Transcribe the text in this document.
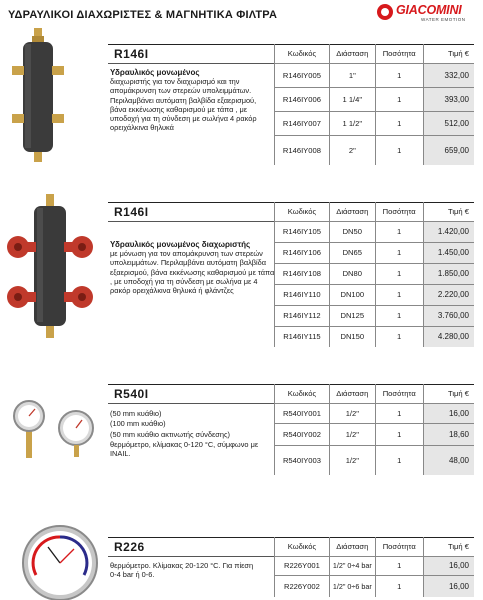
ΥΔΡΑΥΛΙΚΟΙ ΔΙΑΧΩΡΙΣΤΕΣ & ΜΑΓΝΗΤΙΚΑ ΦΙΛΤΡΑ	GIACOMINI
WATER EMOTION
R146I

Υδραυλικός μονωμένος

διαχωριστής για τον διαχωρισμό και την απομάκρυνση των στερεών υπολειμμάτων. Περιλαμβάνει αυτόματη βαλβίδα εξαερισμού, βάνα εκκένωσης καθαρισμού με τάπα , με υποδοχή για τη σύνδεση με σωλήνα 4 ρακόρ ορειχάλκινα θηλυκά

Κωδικός	Διάσταση	Ποσότητα	Τιμή €
R146IY005	1"	1	332,00
R146IY006	1 1/4"	1	393,00
R146IY007	1 1/2"	1	512,00
R146IY008	2"	1	659,00
R146I

Υδραυλικός μονωμένος διαχωριστής

με μόνωση για τον απομάκρυνση των στερεών υπολειμμάτων. Περιλαμβάνει αυτόματη βαλβίδα εξαερισμού, βάνα εκκένωσης καθαρισμού με τάπα , με υποδοχή για τη σύνδεση με σωλήνα με 4 ρακόρ ορειχάλκινα θηλυκά ή φλάντζες

Κωδικός	Διάσταση	Ποσότητα	Τιμή €
R146IY105	DN50	1	1.420,00
R146IY106	DN65	1	1.450,00
R146IY108	DN80	1	1.850,00
R146IY110	DN100	1	2.220,00
R146IY112	DN125	1	3.760,00
R146IY115	DN150	1	4.280,00
R540I

(50 mm κυάθιο)

(100 mm κυάθιο)

(50 mm κυάθιο ακτινωτής σύνδεσης)

θερμόμετρο, κλίμακας 0-120 °C, σύμφωνο με INAIL.

Κωδικός	Διάσταση	Ποσότητα	Τιμή €
R540IY001	1/2"	1	16,00
R540IY002	1/2"	1	18,60
R540IY003	1/2"	1	48,00
R226

θερμόμετρο. Κλίμακας 20-120 °C. Για πίεση 0-4 bar ή 0-6.

Κωδικός	Διάσταση	Ποσότητα	Τιμή €
R226Y001	1/2" 0÷4 bar	1	16,00
R226Y002	1/2" 0÷6 bar	1	16,00
